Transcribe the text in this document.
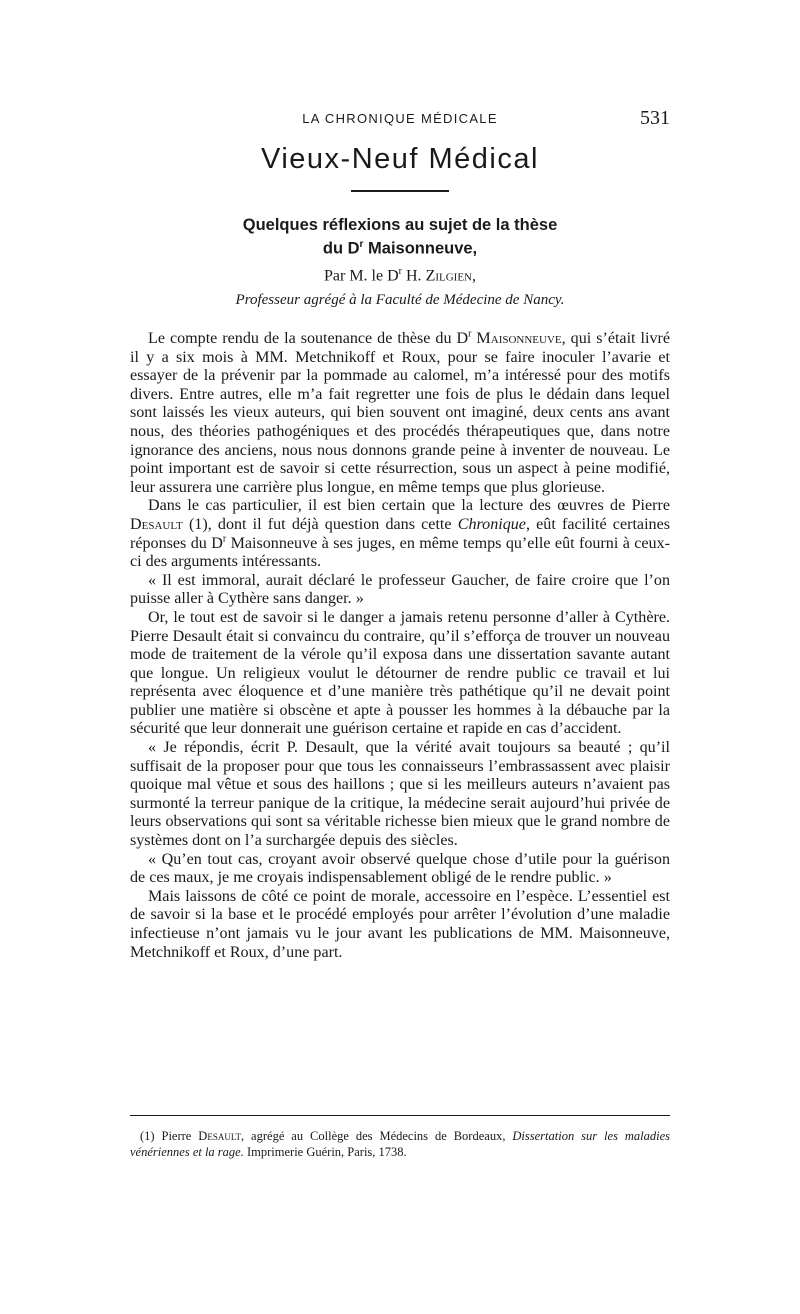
LA CHRONIQUE MÉDICALE	531
Vieux-Neuf Médical
Quelques réflexions au sujet de la thèse
du $D^r$ Maisonneuve,
Par M. le $D^r$ H. Zilgien,
Professeur agrégé à la Faculté de Médecine de Nancy.

Le compte rendu de la soutenance de thèse du $D^r$ Maisonneuve, qui s’était livré il y a six mois à MM. Metchnikoff et Roux, pour se faire inoculer l’avarie et essayer de la prévenir par la pommade au calomel, m’a intéressé pour des motifs divers. Entre autres, elle m’a fait regretter une fois de plus le dédain dans lequel sont laissés les vieux auteurs, qui bien souvent ont imaginé, deux cents ans avant nous, des théories pathogéniques et des procédés thérapeutiques que, dans notre ignorance des anciens, nous nous donnons grande peine à inventer de nouveau. Le point important est de savoir si cette résurrection, sous un aspect à peine modifié, leur assurera une carrière plus longue, en même temps que plus glorieuse.

Dans le cas particulier, il est bien certain que la lecture des œuvres de Pierre Desault (1), dont il fut déjà question dans cette Chronique, eût facilité certaines réponses du $D^r$ Maisonneuve à ses juges, en même temps qu’elle eût fourni à ceux-ci des arguments intéressants.

« Il est immoral, aurait déclaré le professeur Gaucher, de faire croire que l’on puisse aller à Cythère sans danger. »

Or, le tout est de savoir si le danger a jamais retenu personne d’aller à Cythère. Pierre Desault était si convaincu du contraire, qu’il s’efforça de trouver un nouveau mode de traitement de la vérole qu’il exposa dans une dissertation savante autant que longue. Un religieux voulut le détourner de rendre public ce travail et lui représenta avec éloquence et d’une manière très pathétique qu’il ne devait point publier une matière si obscène et apte à pousser les hommes à la débauche par la sécurité que leur donnerait une guérison certaine et rapide en cas d’accident.

« Je répondis, écrit P. Desault, que la vérité avait toujours sa beauté ; qu’il suffisait de la proposer pour que tous les connaisseurs l’embrassassent avec plaisir quoique mal vêtue et sous des haillons ; que si les meilleurs auteurs n’avaient pas surmonté la terreur panique de la critique, la médecine serait aujourd’hui privée de leurs observations qui sont sa véritable richesse bien mieux que le grand nombre de systèmes dont on l’a surchargée depuis des siècles.

« Qu’en tout cas, croyant avoir observé quelque chose d’utile pour la guérison de ces maux, je me croyais indispensablement obligé de le rendre public. »

Mais laissons de côté ce point de morale, accessoire en l’espèce. L’essentiel est de savoir si la base et le procédé employés pour arrêter l’évolution d’une maladie infectieuse n’ont jamais vu le jour avant les publications de MM. Maisonneuve, Metchnikoff et Roux, d’une part.

(1) Pierre Desault, agrégé au Collège des Médecins de Bordeaux, Dissertation sur les maladies vénériennes et la rage. Imprimerie Guérin, Paris, 1738.
